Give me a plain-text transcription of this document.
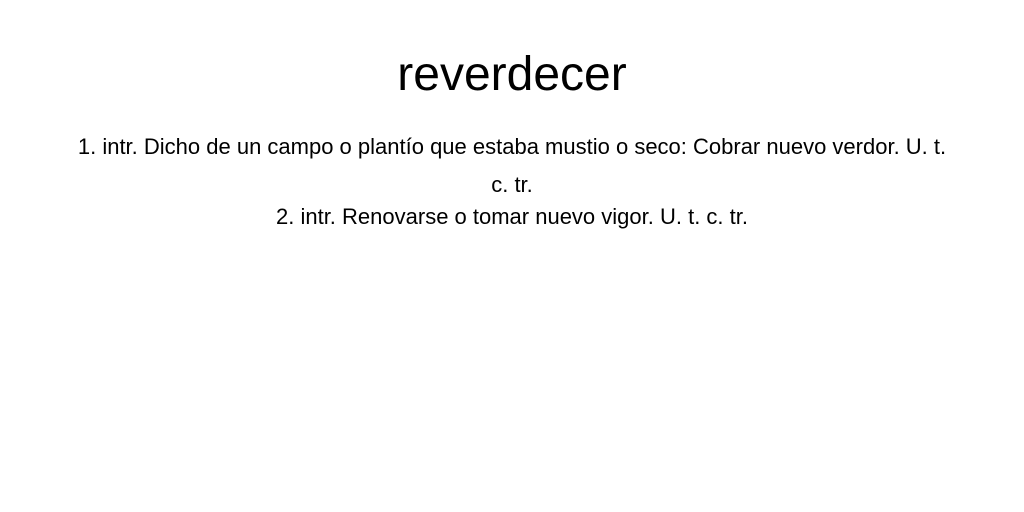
reverdecer

1. intr. Dicho de un campo o plantío que estaba mustio o seco: Cobrar nuevo verdor. U. t. c. tr.

2. intr. Renovarse o tomar nuevo vigor. U. t. c. tr.
